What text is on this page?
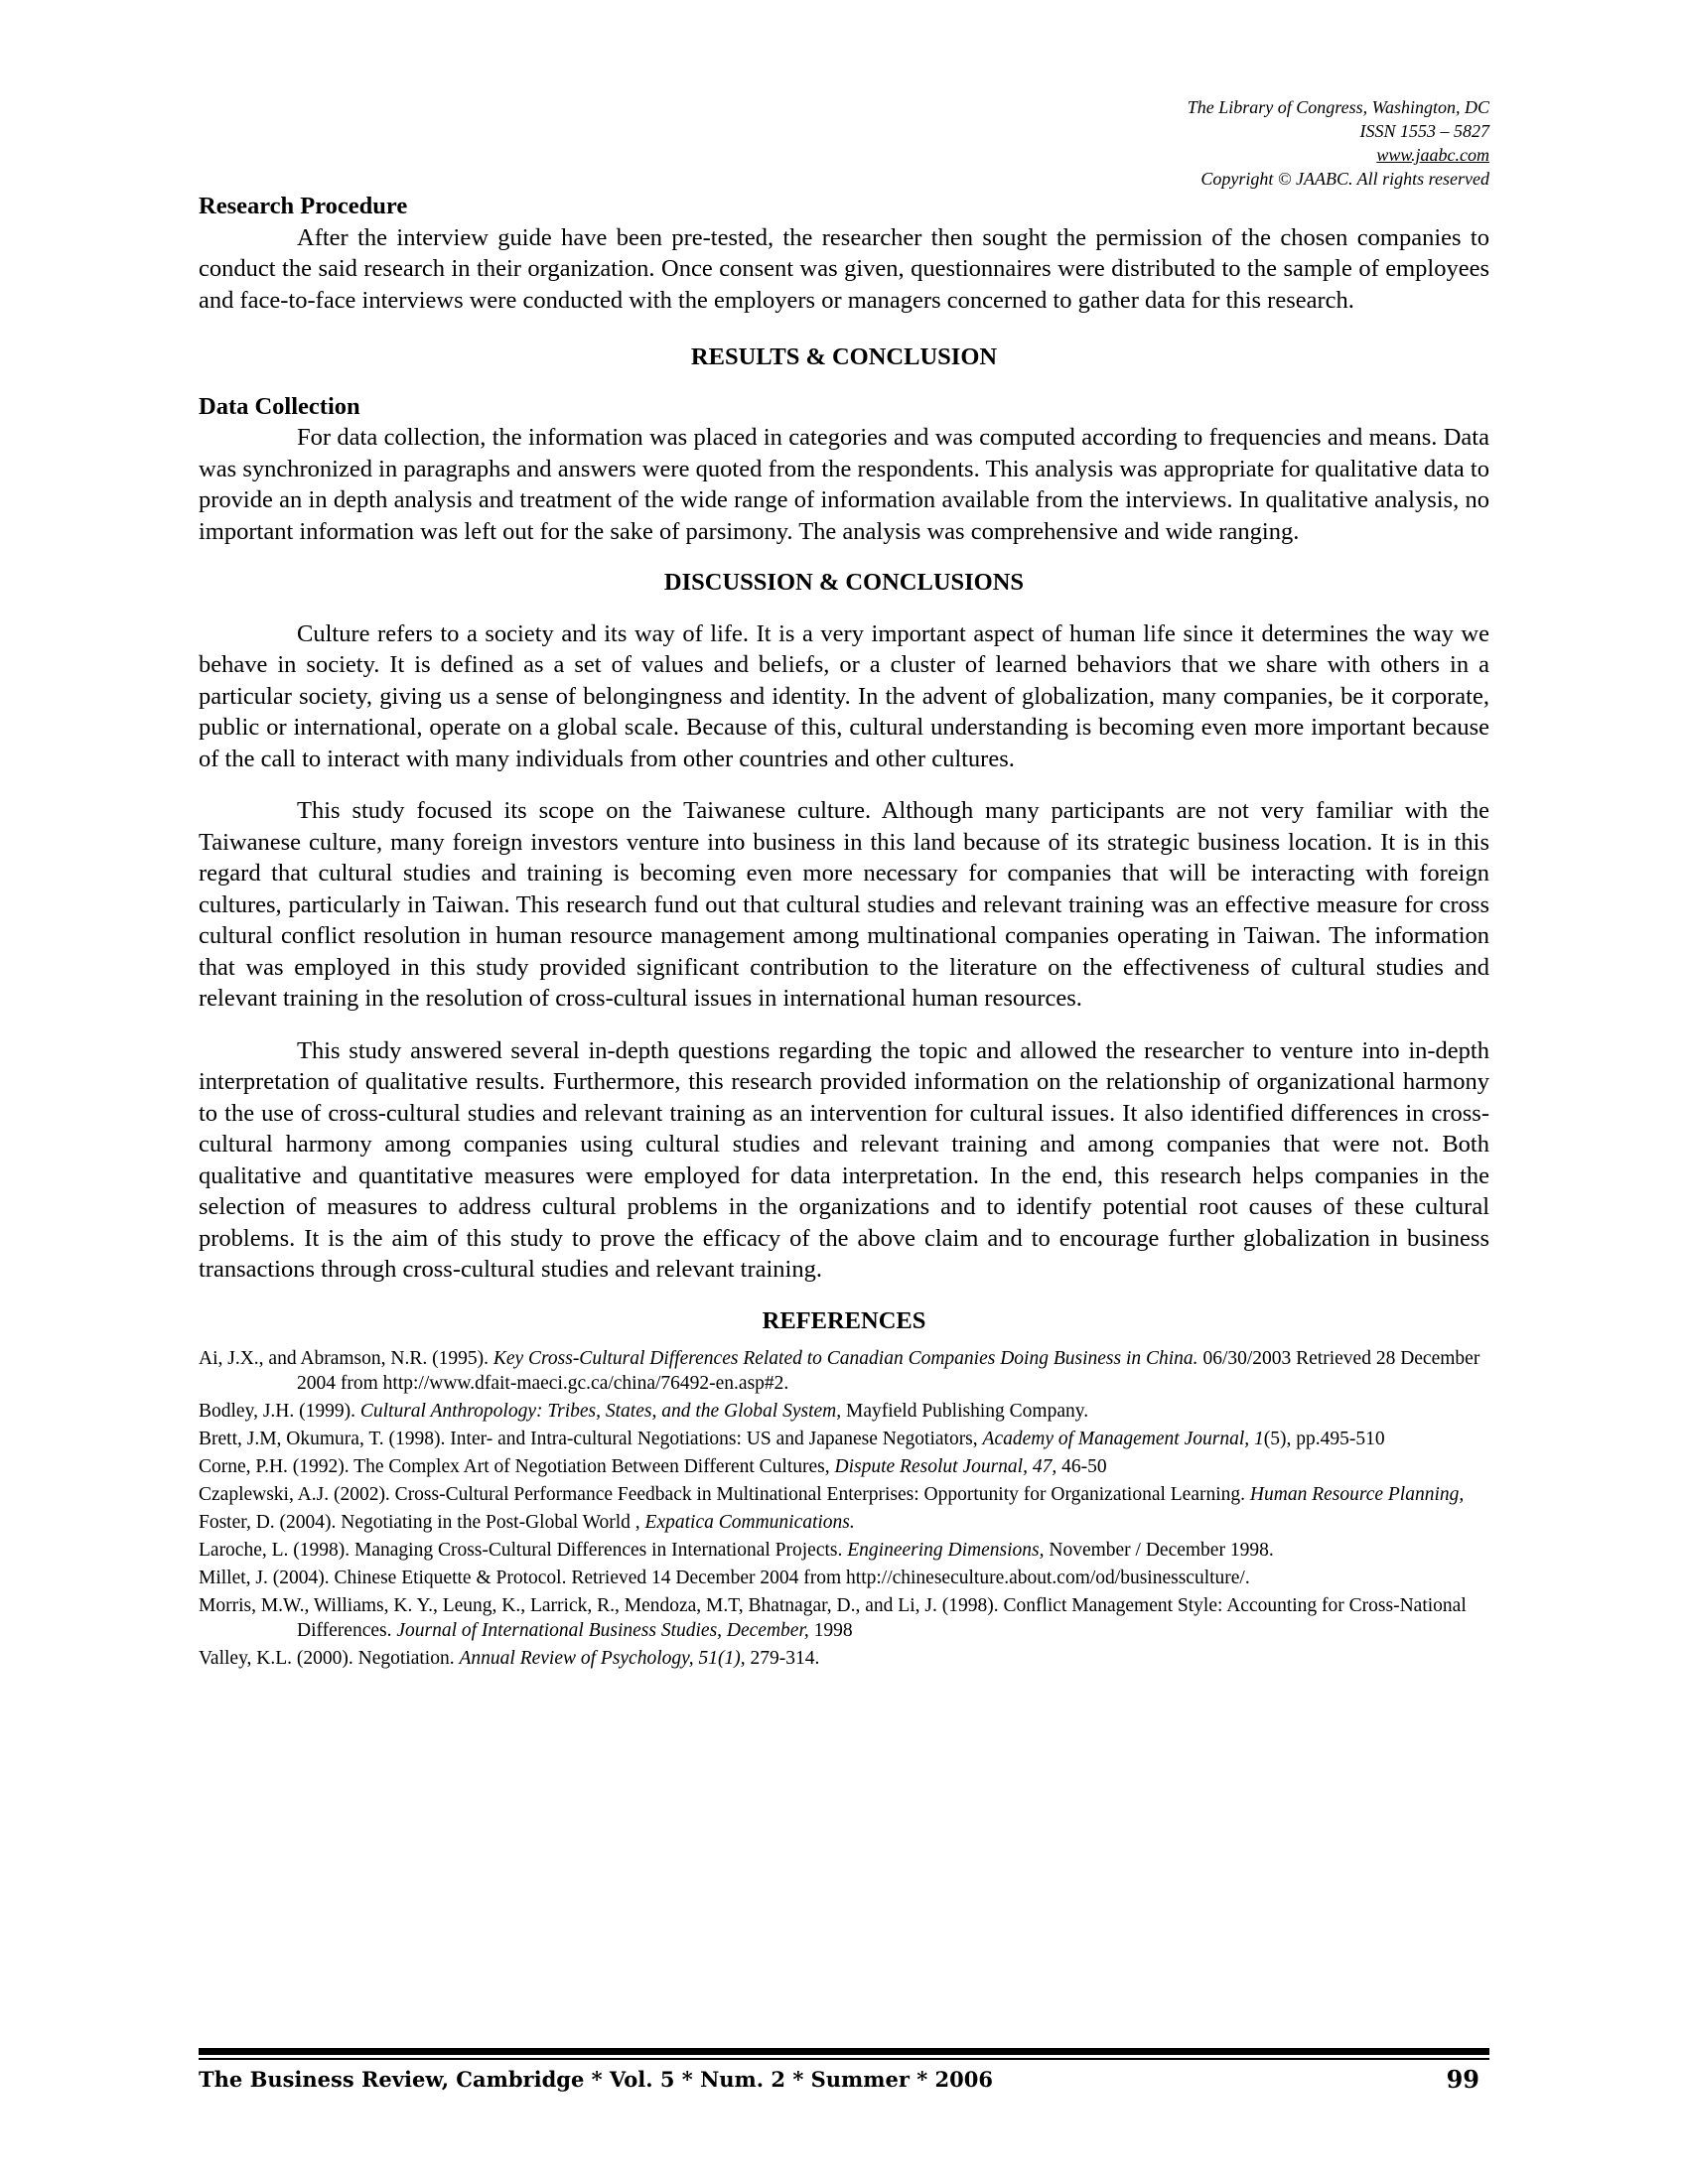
The Library of Congress, Washington, DC
ISSN 1553 – 5827
www.jaabc.com
Copyright © JAABC. All rights reserved
Research Procedure

After the interview guide have been pre-tested, the researcher then sought the permission of the chosen companies to conduct the said research in their organization. Once consent was given, questionnaires were distributed to the sample of employees and face-to-face interviews were conducted with the employers or managers concerned to gather data for this research.

RESULTS & CONCLUSION
Data Collection

For data collection, the information was placed in categories and was computed according to frequencies and means. Data was synchronized in paragraphs and answers were quoted from the respondents. This analysis was appropriate for qualitative data to provide an in depth analysis and treatment of the wide range of information available from the interviews. In qualitative analysis, no important information was left out for the sake of parsimony. The analysis was comprehensive and wide ranging.

DISCUSSION & CONCLUSIONS

Culture refers to a society and its way of life. It is a very important aspect of human life since it determines the way we behave in society. It is defined as a set of values and beliefs, or a cluster of learned behaviors that we share with others in a particular society, giving us a sense of belongingness and identity. In the advent of globalization, many companies, be it corporate, public or international, operate on a global scale. Because of this, cultural understanding is becoming even more important because of the call to interact with many individuals from other countries and other cultures.

This study focused its scope on the Taiwanese culture. Although many participants are not very familiar with the Taiwanese culture, many foreign investors venture into business in this land because of its strategic business location. It is in this regard that cultural studies and training is becoming even more necessary for companies that will be interacting with foreign cultures, particularly in Taiwan. This research fund out that cultural studies and relevant training was an effective measure for cross cultural conflict resolution in human resource management among multinational companies operating in Taiwan. The information that was employed in this study provided significant contribution to the literature on the effectiveness of cultural studies and relevant training in the resolution of cross-cultural issues in international human resources.

This study answered several in-depth questions regarding the topic and allowed the researcher to venture into in-depth interpretation of qualitative results. Furthermore, this research provided information on the relationship of organizational harmony to the use of cross-cultural studies and relevant training as an intervention for cultural issues. It also identified differences in cross-cultural harmony among companies using cultural studies and relevant training and among companies that were not. Both qualitative and quantitative measures were employed for data interpretation. In the end, this research helps companies in the selection of measures to address cultural problems in the organizations and to identify potential root causes of these cultural problems. It is the aim of this study to prove the efficacy of the above claim and to encourage further globalization in business transactions through cross-cultural studies and relevant training.

REFERENCES
Ai, J.X., and Abramson, N.R. (1995). Key Cross-Cultural Differences Related to Canadian Companies Doing Business in China. 06/30/2003 Retrieved 28 December 2004 from http://www.dfait-maeci.gc.ca/china/76492-en.asp#2.
Bodley, J.H. (1999). Cultural Anthropology: Tribes, States, and the Global System, Mayfield Publishing Company.
Brett, J.M, Okumura, T. (1998). Inter- and Intra-cultural Negotiations: US and Japanese Negotiators, Academy of Management Journal, 1(5), pp.495-510
Corne, P.H. (1992). The Complex Art of Negotiation Between Different Cultures, Dispute Resolut Journal, 47, 46-50
Czaplewski, A.J. (2002). Cross-Cultural Performance Feedback in Multinational Enterprises: Opportunity for Organizational Learning. Human Resource Planning,
Foster, D. (2004). Negotiating in the Post-Global World , Expatica Communications.
Laroche, L. (1998). Managing Cross-Cultural Differences in International Projects. Engineering Dimensions, November / December 1998.
Millet, J. (2004). Chinese Etiquette & Protocol. Retrieved 14 December 2004 from http://chineseculture.about.com/od/businessculture/.
Morris, M.W., Williams, K. Y., Leung, K., Larrick, R., Mendoza, M.T, Bhatnagar, D., and Li, J. (1998). Conflict Management Style: Accounting for Cross-National Differences. Journal of International Business Studies, December, 1998
Valley, K.L. (2000). Negotiation. Annual Review of Psychology, 51(1), 279-314.
The Business Review, Cambridge * Vol. 5 * Num. 2 * Summer * 2006	99
